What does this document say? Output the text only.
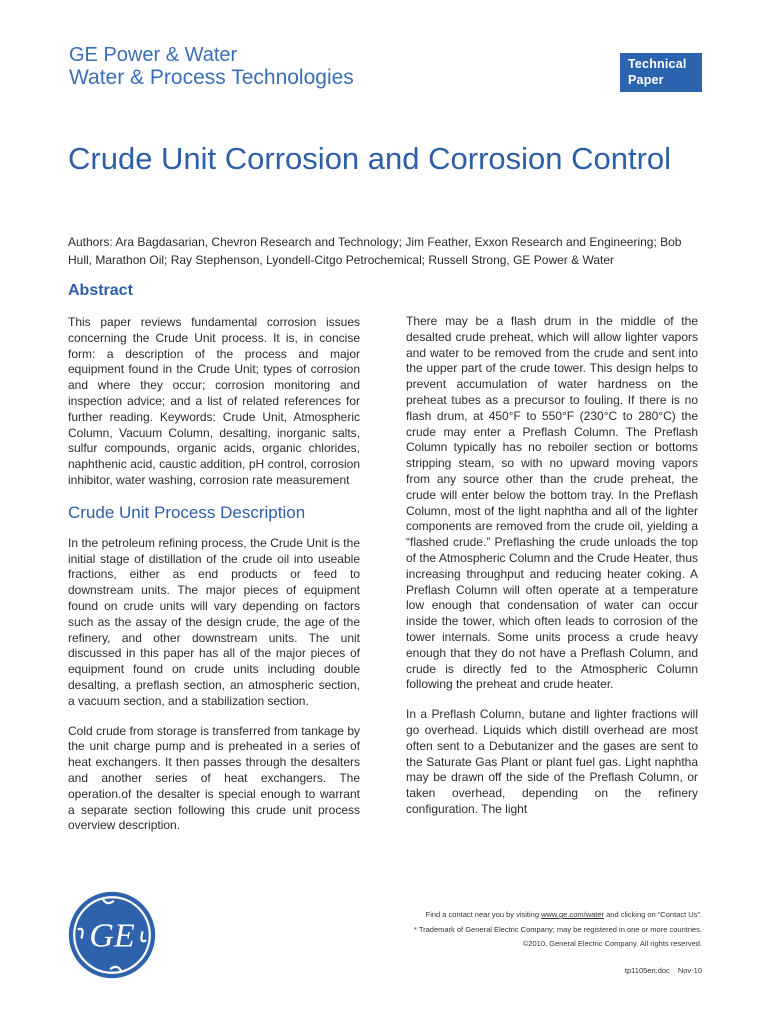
GE Power & Water
Water & Process Technologies
Technical
Paper
Crude Unit Corrosion and Corrosion Control
Authors: Ara Bagdasarian, Chevron Research and Technology; Jim Feather, Exxon Research and Engineering; Bob Hull, Marathon Oil; Ray Stephenson, Lyondell-Citgo Petrochemical; Russell Strong, GE Power & Water
Abstract

This paper reviews fundamental corrosion issues concerning the Crude Unit process. It is, in concise form: a description of the process and major equipment found in the Crude Unit; types of corrosion and where they occur; corrosion monitoring and inspection advice; and a list of related references for further reading. Keywords: Crude Unit, Atmospheric Column, Vacuum Column, desalting, inorganic salts, sulfur compounds, organic acids, organic chlorides, naphthenic acid, caustic addition, pH control, corrosion inhibitor, water washing, corrosion rate measurement

Crude Unit Process Description

In the petroleum refining process, the Crude Unit is the initial stage of distillation of the crude oil into useable fractions, either as end products or feed to downstream units. The major pieces of equipment found on crude units will vary depending on factors such as the assay of the design crude, the age of the refinery, and other downstream units. The unit discussed in this paper has all of the major pieces of equipment found on crude units including double desalting, a preflash section, an atmospheric section, a vacuum section, and a stabilization section.

Cold crude from storage is transferred from tankage by the unit charge pump and is preheated in a series of heat exchangers. It then passes through the desalters and another series of heat exchangers. The operation.of the desalter is special enough to warrant a separate section following this crude unit process overview description.

There may be a flash drum in the middle of the desalted crude preheat, which will allow lighter vapors and water to be removed from the crude and sent into the upper part of the crude tower. This design helps to prevent accumulation of water hardness on the preheat tubes as a precursor to fouling. If there is no flash drum, at 450°F to 550°F (230°C to 280°C) the crude may enter a Preflash Column. The Preflash Column typically has no reboiler section or bottoms stripping steam, so with no upward moving vapors from any source other than the crude preheat, the crude will enter below the bottom tray. In the Preflash Column, most of the light naphtha and all of the lighter components are removed from the crude oil, yielding a “flashed crude.” Preflashing the crude unloads the top of the Atmospheric Column and the Crude Heater, thus increasing throughput and reducing heater coking. A Preflash Column will often operate at a temperature low enough that condensation of water can occur inside the tower, which often leads to corrosion of the tower internals. Some units process a crude heavy enough that they do not have a Preflash Column, and crude is directly fed to the Atmospheric Column following the preheat and crude heater.

In a Preflash Column, butane and lighter fractions will go overhead. Liquids which distill overhead are most often sent to a Debutanizer and the gases are sent to the Saturate Gas Plant or plant fuel gas. Light naphtha may be drawn off the side of the Preflash Column, or taken overhead, depending on the refinery configuration. The light

GE
Find a contact near you by visiting www.ge.com/water and clicking on “Contact Us”.
* Trademark of General Electric Company; may be registered in one or more countries.
©2010, General Electric Company. All rights reserved.
tp1105en.doc Nov-10
